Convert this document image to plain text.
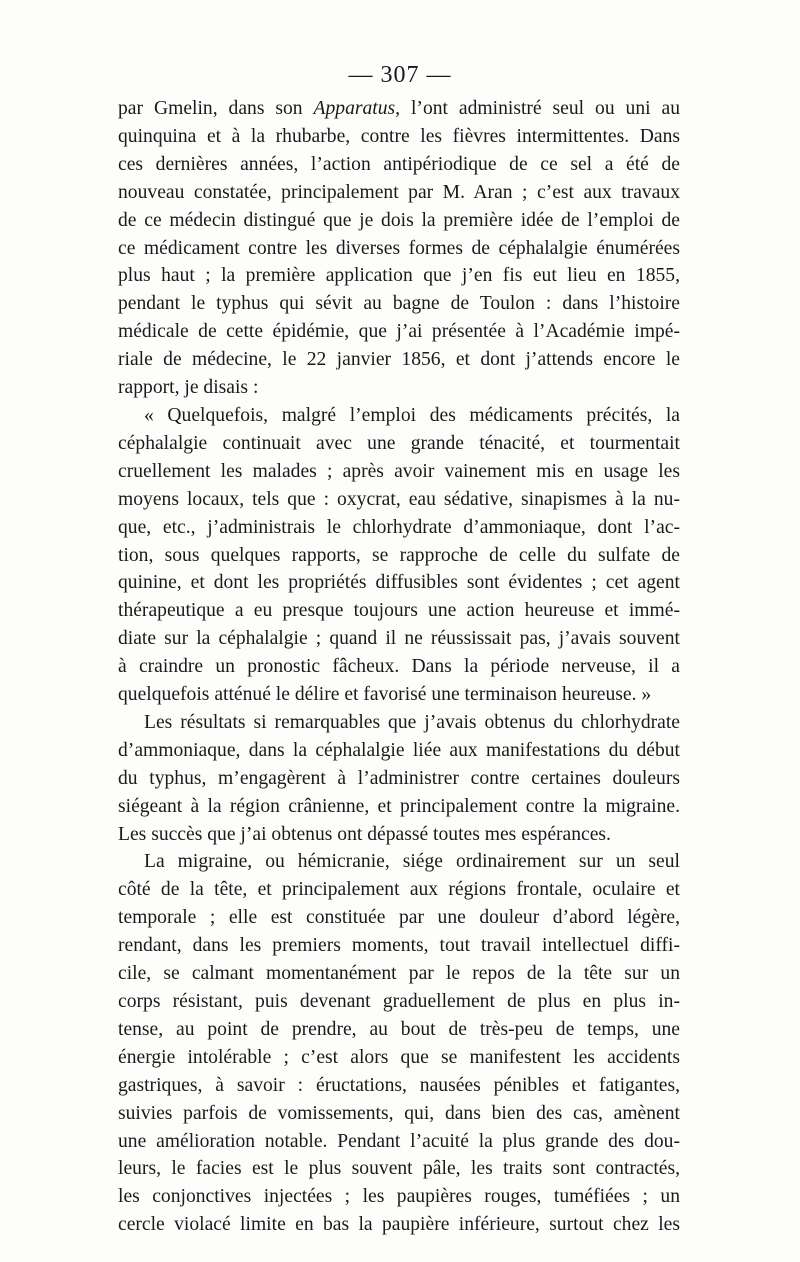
— 307 —
par Gmelin, dans son Apparatus, l’ont administré seul ou uni au
quinquina et à la rhubarbe, contre les fièvres intermittentes. Dans
ces dernières années, l’action antipériodique de ce sel a été de
nouveau constatée, principalement par M. Aran ; c’est aux travaux
de ce médecin distingué que je dois la première idée de l’emploi de
ce médicament contre les diverses formes de céphalalgie énumérées
plus haut ; la première application que j’en fis eut lieu en 1855,
pendant le typhus qui sévit au bagne de Toulon : dans l’histoire
médicale de cette épidémie, que j’ai présentée à l’Académie impé-
riale de médecine, le 22 janvier 1856, et dont j’attends encore le
rapport, je disais :
« Quelquefois, malgré l’emploi des médicaments précités, la
céphalalgie continuait avec une grande ténacité, et tourmentait
cruellement les malades ; après avoir vainement mis en usage les
moyens locaux, tels que : oxycrat, eau sédative, sinapismes à la nu-
que, etc., j’administrais le chlorhydrate d’ammoniaque, dont l’ac-
tion, sous quelques rapports, se rapproche de celle du sulfate de
quinine, et dont les propriétés diffusibles sont évidentes ; cet agent
thérapeutique a eu presque toujours une action heureuse et immé-
diate sur la céphalalgie ; quand il ne réussissait pas, j’avais souvent
à craindre un pronostic fâcheux. Dans la période nerveuse, il a
quelquefois atténué le délire et favorisé une terminaison heureuse. »
Les résultats si remarquables que j’avais obtenus du chlorhydrate
d’ammoniaque, dans la céphalalgie liée aux manifestations du début
du typhus, m’engagèrent à l’administrer contre certaines douleurs
siégeant à la région crânienne, et principalement contre la migraine.
Les succès que j’ai obtenus ont dépassé toutes mes espérances.
La migraine, ou hémicranie, siége ordinairement sur un seul
côté de la tête, et principalement aux régions frontale, oculaire et
temporale ; elle est constituée par une douleur d’abord légère,
rendant, dans les premiers moments, tout travail intellectuel diffi-
cile, se calmant momentanément par le repos de la tête sur un
corps résistant, puis devenant graduellement de plus en plus in-
tense, au point de prendre, au bout de très-peu de temps, une
énergie intolérable ; c’est alors que se manifestent les accidents
gastriques, à savoir : éructations, nausées pénibles et fatigantes,
suivies parfois de vomissements, qui, dans bien des cas, amènent
une amélioration notable. Pendant l’acuité la plus grande des dou-
leurs, le facies est le plus souvent pâle, les traits sont contractés,
les conjonctives injectées ; les paupières rouges, tuméfiées ; un
cercle violacé limite en bas la paupière inférieure, surtout chez les
